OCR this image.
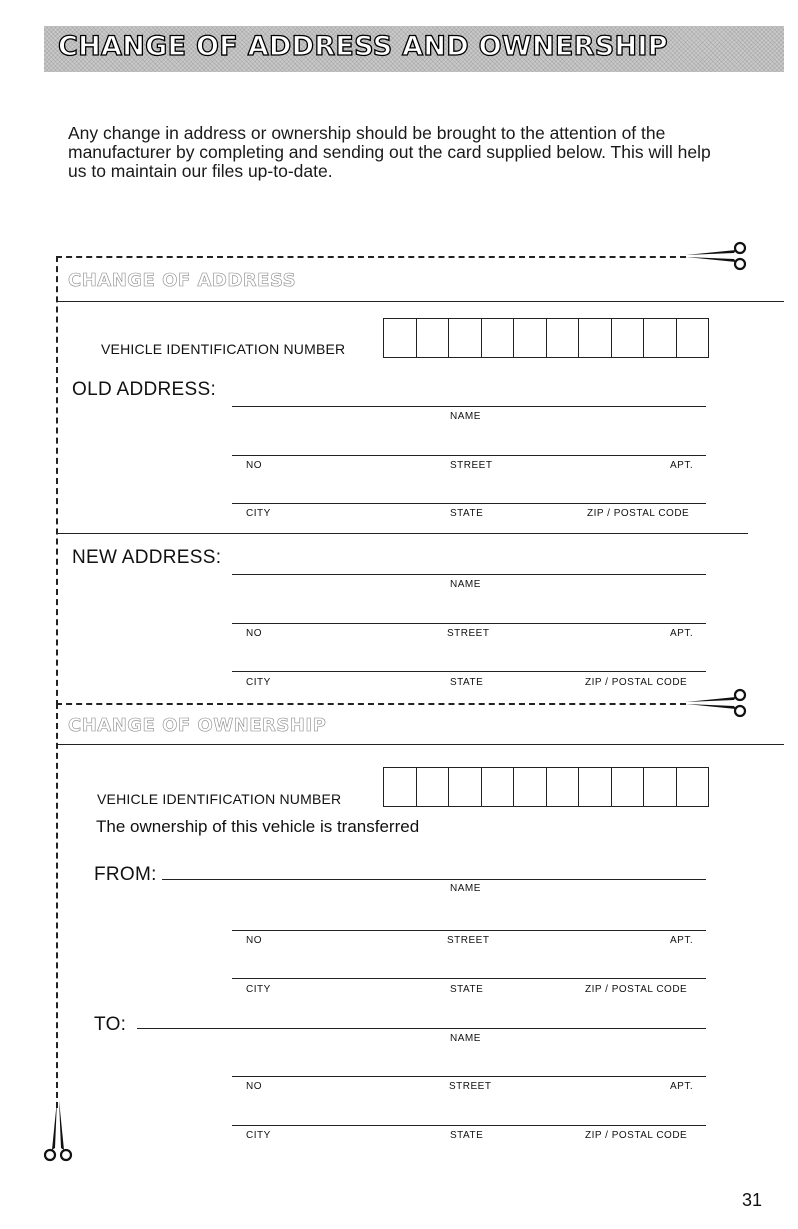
CHANGE OF ADDRESS AND OWNERSHIP
Any change in address or ownership should be brought to the attention of the manufacturer by completing and sending out the card supplied below. This will help us to maintain our files up-to-date.
CHANGE OF ADDRESS
VEHICLE IDENTIFICATION NUMBER
OLD ADDRESS:
NAME
NO	STREET	APT.
CITY	STATE	ZIP / POSTAL CODE
NEW ADDRESS:
NAME
NO	STREET	APT.
CITY	STATE	ZIP / POSTAL CODE
CHANGE OF OWNERSHIP
VEHICLE IDENTIFICATION NUMBER
The ownership of this vehicle is transferred
FROM:
NAME
NO	STREET	APT.
CITY	STATE	ZIP / POSTAL CODE
TO:
NAME
NO	STREET	APT.
CITY	STATE	ZIP / POSTAL CODE
31
